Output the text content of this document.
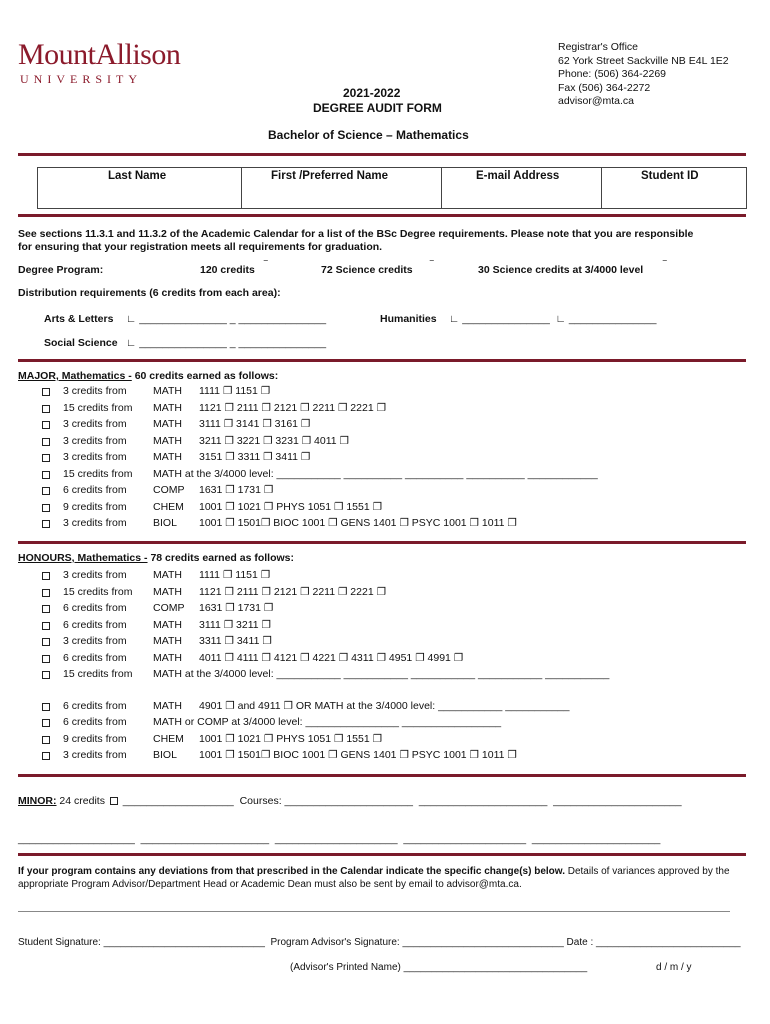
MountAllison
UNIVERSITY
2021-2022
DEGREE AUDIT FORM
Registrar's Office
62 York Street Sackville NB E4L 1E2
Phone: (506) 364-2269
Fax (506) 364-2272
advisor@mta.ca
Bachelor of Science – Mathematics
Last Name	First /Preferred Name	E-mail Address	Student ID
See sections 11.3.1 and 11.3.2 of the Academic Calendar for a list of the BSc Degree requirements. Please note that you are responsible
for ensuring that your registration meets all requirements for graduation.
Degree Program:	120 credits ‾	72 Science credits ‾	30 Science credits at 3/4000 level ‾
Distribution requirements (6 credits from each area):
Arts & Letters ∟ _______________ _ _______________	Humanities ∟ _______________  ∟ _______________
Social Science ∟ _______________ _ _______________
MAJOR, Mathematics - 60 credits earned as follows:
3 credits from	MATH 1111 ❐ 1151 ❐
15 credits from MATH 1121 ❐ 2111 ❐ 2121 ❐ 2211 ❐ 2221 ❐
3 credits from	MATH 3111 ❐ 3141 ❐ 3161 ❐
3 credits from	MATH 3211 ❐ 3221 ❐ 3231 ❐ 4011 ❐
3 credits from	MATH 3151 ❐ 3311 ❐ 3411 ❐
15 credits from MATH at the 3/4000 level: ___________ __________ __________ __________ ____________
6 credits from	COMP 1631 ❐ 1731 ❐
9 credits from	CHEM 1001 ❐ 1021 ❐ PHYS 1051 ❐ 1551 ❐
3 credits from	BIOL 1001 ❐ 1501❐ BIOC 1001 ❐ GENS 1401 ❐ PSYC 1001 ❐ 1011 ❐
HONOURS, Mathematics - 78 credits earned as follows:
3 credits from	MATH 1111 ❐ 1151 ❐
15 credits from MATH 1121 ❐ 2111 ❐ 2121 ❐ 2211 ❐ 2221 ❐
6 credits from	COMP 1631 ❐ 1731 ❐
6 credits from	MATH 3111 ❐ 3211 ❐
3 credits from	MATH 3311 ❐ 3411 ❐
6 credits from	MATH 4011 ❐ 4111 ❐ 4121 ❐ 4221 ❐ 4311 ❐ 4951 ❐ 4991 ❐
15 credits from MATH at the 3/4000 level: ___________ ___________ ___________ ___________ ___________
6 credits from	MATH 4901 ❐ and 4911 ❐ OR MATH at the 3/4000 level: ___________ ___________
6 credits from	MATH or COMP at 3/4000 level: ________________ _________________
9 credits from	CHEM 1001 ❐ 1021 ❐ PHYS 1051 ❐ 1551 ❐
3 credits from	BIOL 1001 ❐ 1501❐ BIOC 1001 ❐ GENS 1401 ❐ PSYC 1001 ❐ 1011 ❐
MINOR: 24 credits ___________________ Courses: ______________________  ______________________  ______________________
____________________  ______________________  _____________________  _____________________  ______________________
If your program contains any deviations from that prescribed in the Calendar indicate the specific change(s) below. Details of variances approved by the
appropriate Program Advisor/Department Head or Academic Dean must also be sent by email to advisor@mta.ca.
Student Signature: _____________________________ Program Advisor's Signature: _____________________________ Date : __________________________
(Advisor's Printed Name) _________________________________	d / m / y
